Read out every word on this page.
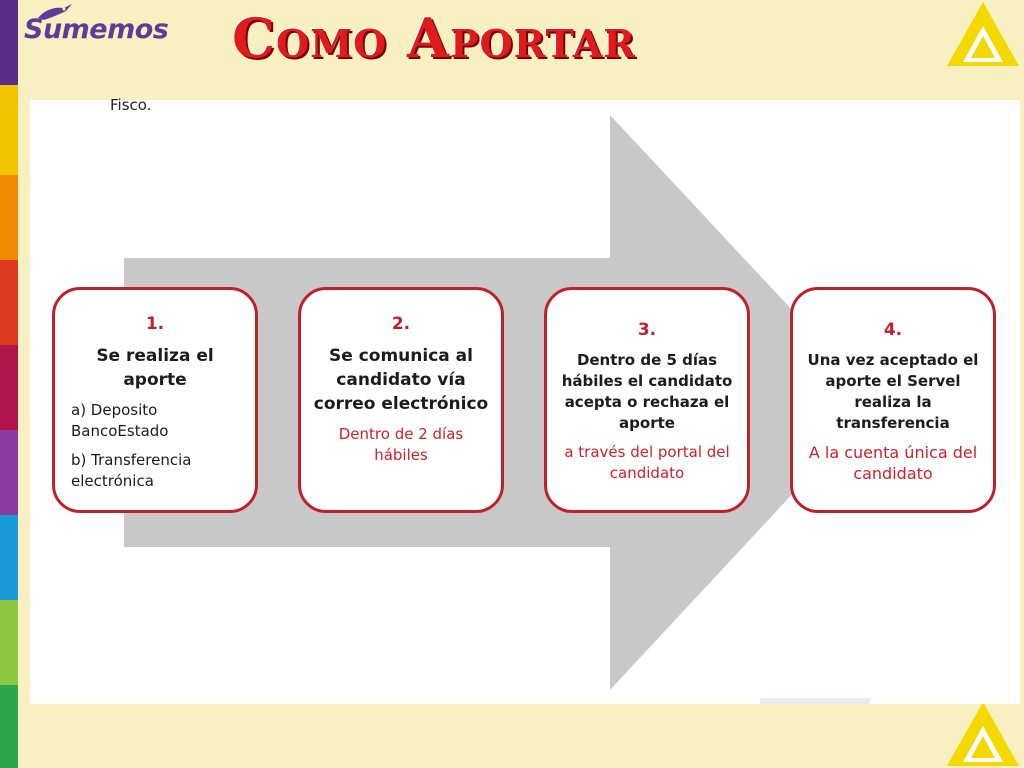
Sumemos Como Aportar
Fisco.
1.
Se realiza el aporte
a) Deposito BancoEstado
b) Transferencia electrónica
2.
Se comunica al candidato vía correo electrónico
Dentro de 2 días hábiles
3.
Dentro de 5 días hábiles el candidato acepta o rechaza el aporte
a través del portal del candidato
4.
Una vez aceptado el aporte el Servel realiza la transferencia
A la cuenta única del candidato
